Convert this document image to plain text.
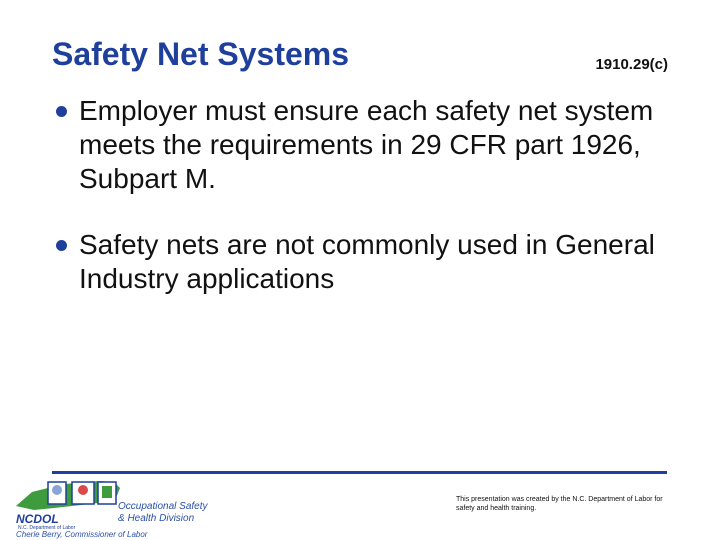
Safety Net Systems	1910.29(c)
Employer must ensure each safety net system meets the requirements in 29 CFR part 1926, Subpart M.
Safety nets are not commonly used in General Industry applications
NCDOL
N.C. Department of Labor
Occupational Safety
& Health Division
Cherie Berry, Commissioner of Labor
This presentation was created by the N.C. Department of Labor for safety and health training.
